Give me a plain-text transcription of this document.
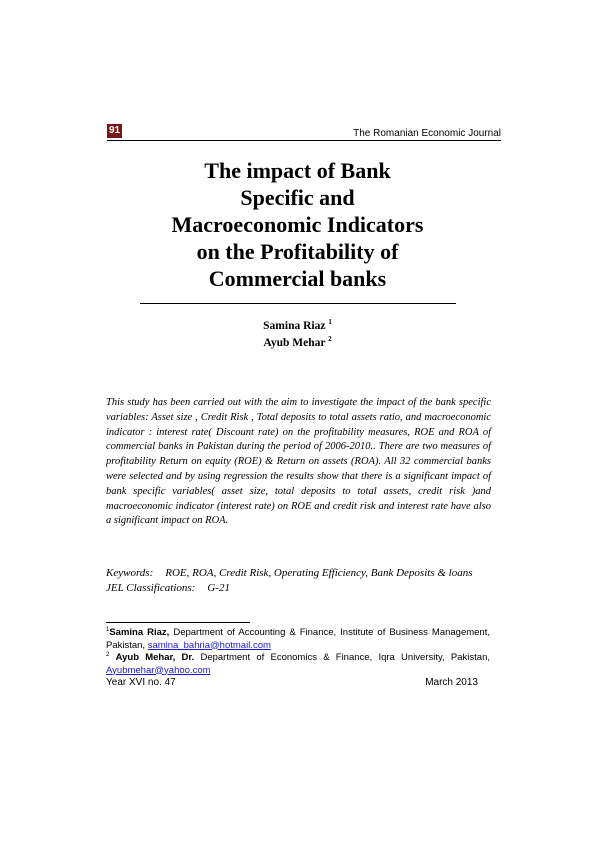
91	The Romanian Economic Journal
The impact of Bank
Specific and
Macroeconomic Indicators
on the Profitability of
Commercial banks
Samina Riaz $^1$
Ayub Mehar $^2$

This study has been carried out with the aim to investigate the impact of the bank specific variables: Asset size , Credit Risk , Total deposits to total assets ratio, and macroeconomic indicator : interest rate( Discount rate) on the profitability measures, ROE and ROA of commercial banks in Pakistan during the period of 2006-2010.. There are two measures of profitability Return on equity (ROE) & Return on assets (ROA). All 32 commercial banks were selected and by using regression the results show that there is a significant impact of bank specific variables( asset size, total deposits to total assets, credit risk )and macroeconomic indicator (interest rate) on ROE and credit risk and interest rate have also a significant impact on ROA.

Keywords: ROE, ROA, Credit Risk, Operating Efficiency, Bank Deposits & loans
JEL Classifications: G-21

$^1$Samina Riaz, Department of Accounting & Finance, Institute of Business Management, Pakistan, samina_bahria@hotmail.com

$^2$ Ayub Mehar, Dr. Department of Economics & Finance, Iqra University, Pakistan, Ayubmehar@yahoo.com

Year XVI no. 47	March 2013
